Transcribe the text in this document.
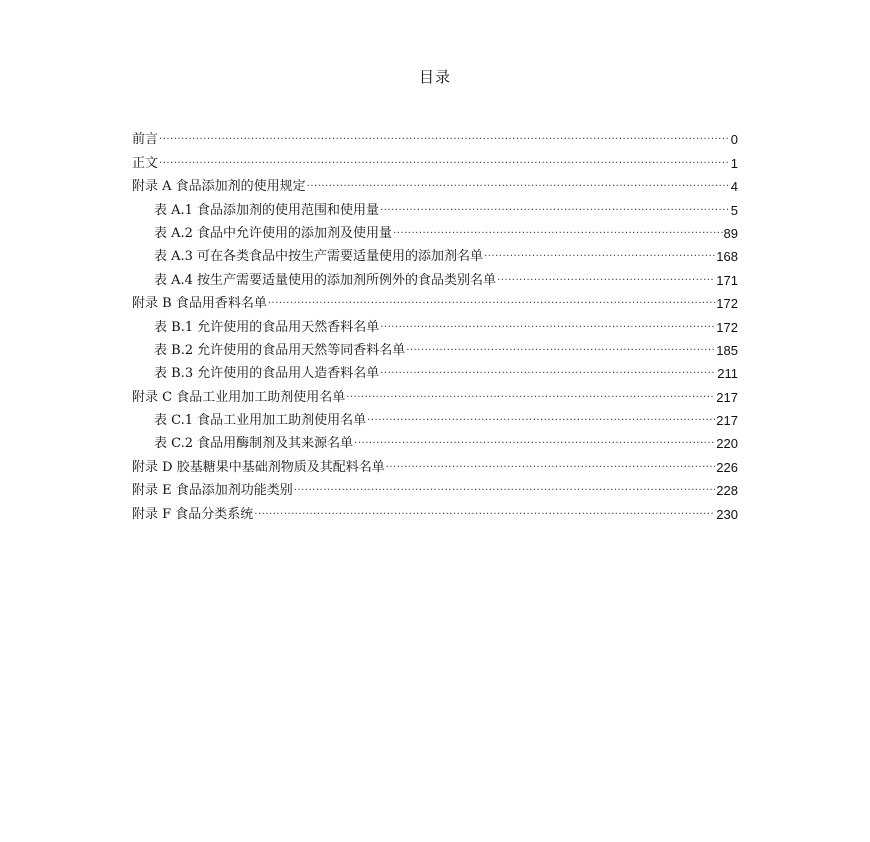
目录
前言 ·····	0
正文 ·····	1
附录 A 食品添加剂的使用规定 ·····	4
表 A.1 食品添加剂的使用范围和使用量 ·····	5
表 A.2 食品中允许使用的添加剂及使用量 ·····	89
表 A.3 可在各类食品中按生产需要适量使用的添加剂名单 ·····	168
表 A.4 按生产需要适量使用的添加剂所例外的食品类别名单 ·····	171
附录 B 食品用香料名单 ·····	172
表 B.1 允许使用的食品用天然香料名单 ·····	172
表 B.2 允许使用的食品用天然等同香料名单 ·····	185
表 B.3 允许使用的食品用人造香料名单 ·····	211
附录 C 食品工业用加工助剂使用名单 ·····	217
表 C.1 食品工业用加工助剂使用名单 ·····	217
表 C.2 食品用酶制剂及其来源名单 ·····	220
附录 D 胶基糖果中基础剂物质及其配料名单 ·····	226
附录 E 食品添加剂功能类别 ·····	228
附录 F 食品分类系统 ·····	230
